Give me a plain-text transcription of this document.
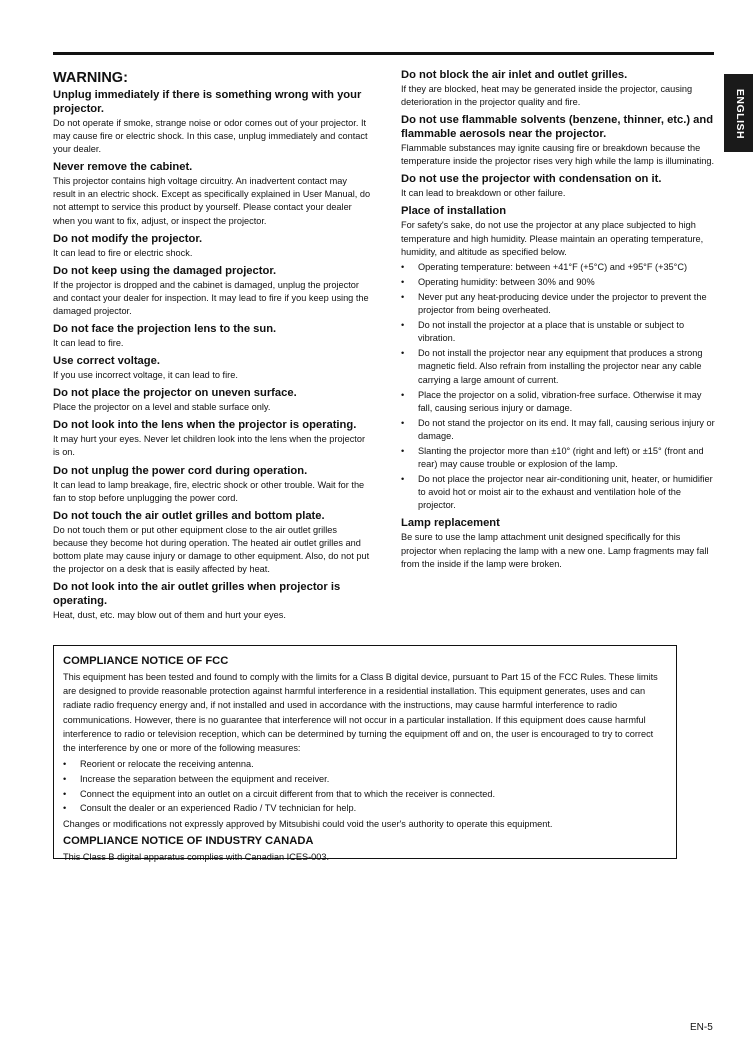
ENGLISH
WARNING:
Unplug immediately if there is something wrong with your projector.
Do not operate if smoke, strange noise or odor comes out of your projector. It may cause fire or electric shock. In this case, unplug immediately and contact your dealer.
Never remove the cabinet.
This projector contains high voltage circuitry. An inadvertent contact may result in an electric shock. Except as specifically explained in User Manual, do not attempt to service this product by yourself. Please contact your dealer when you want to fix, adjust, or inspect the projector.
Do not modify the projector.
It can lead to fire or electric shock.
Do not keep using the damaged projector.
If the projector is dropped and the cabinet is damaged, unplug the projector and contact your dealer for inspection. It may lead to fire if you keep using the damaged projector.
Do not face the projection lens to the sun.
It can lead to fire.
Use correct voltage.
If you use incorrect voltage, it can lead to fire.
Do not place the projector on uneven surface.
Place the projector on a level and stable surface only.
Do not look into the lens when the projector is operating.
It may hurt your eyes. Never let children look into the lens when the projector is on.
Do not unplug the power cord during operation.
It can lead to lamp breakage, fire, electric shock or other trouble. Wait for the fan to stop before unplugging the power cord.
Do not touch the air outlet grilles and bottom plate.
Do not touch them or put other equipment close to the air outlet grilles because they become hot during operation. The heated air outlet grilles and bottom plate may cause injury or damage to other equipment. Also, do not put the projector on a desk that is easily affected by heat.
Do not look into the air outlet grilles when projector is operating.
Heat, dust, etc. may blow out of them and hurt your eyes.
Do not block the air inlet and outlet grilles.
If they are blocked, heat may be generated inside the projector, causing deterioration in the projector quality and fire.
Do not use flammable solvents (benzene, thinner, etc.) and flammable aerosols near the projector.
Flammable substances may ignite causing fire or breakdown because the temperature inside the projector rises very high while the lamp is illuminating.
Do not use the projector with condensation on it.
It can lead to breakdown or other failure.
Place of installation
For safety's sake, do not use the projector at any place subjected to high temperature and high humidity. Please maintain an operating temperature, humidity, and altitude as specified below.
• Operating temperature: between +41°F (+5°C) and +95°F (+35°C)
• Operating humidity: between 30% and 90%
• Never put any heat-producing device under the projector to prevent the projector from being overheated.
• Do not install the projector at a place that is unstable or subject to vibration.
• Do not install the projector near any equipment that produces a strong magnetic field. Also refrain from installing the projector near any cable carrying a large amount of current.
• Place the projector on a solid, vibration-free surface. Otherwise it may fall, causing serious injury or damage.
• Do not stand the projector on its end. It may fall, causing serious injury or damage.
• Slanting the projector more than ±10° (right and left) or ±15° (front and rear) may cause trouble or explosion of the lamp.
• Do not place the projector near air-conditioning unit, heater, or humidifier to avoid hot or moist air to the exhaust and ventilation hole of the projector.
Lamp replacement
Be sure to use the lamp attachment unit designed specifically for this projector when replacing the lamp with a new one. Lamp fragments may fall from the inside if the lamp were broken.
COMPLIANCE NOTICE OF FCC
This equipment has been tested and found to comply with the limits for a Class B digital device, pursuant to Part 15 of the FCC Rules. These limits are designed to provide reasonable protection against harmful interference in a residential installation. This equipment generates, uses and can radiate radio frequency energy and, if not installed and used in accordance with the instructions, may cause harmful interference to radio communications. However, there is no guarantee that interference will not occur in a particular installation. If this equipment does cause harmful interference to radio or television reception, which can be determined by turning the equipment off and on, the user is encouraged to try to correct the interference by one or more of the following measures:
• Reorient or relocate the receiving antenna.
• Increase the separation between the equipment and receiver.
• Connect the equipment into an outlet on a circuit different from that to which the receiver is connected.
• Consult the dealer or an experienced Radio / TV technician for help.
Changes or modifications not expressly approved by Mitsubishi could void the user's authority to operate this equipment.
COMPLIANCE NOTICE OF INDUSTRY CANADA
This Class B digital apparatus complies with Canadian ICES-003.
EN-5
